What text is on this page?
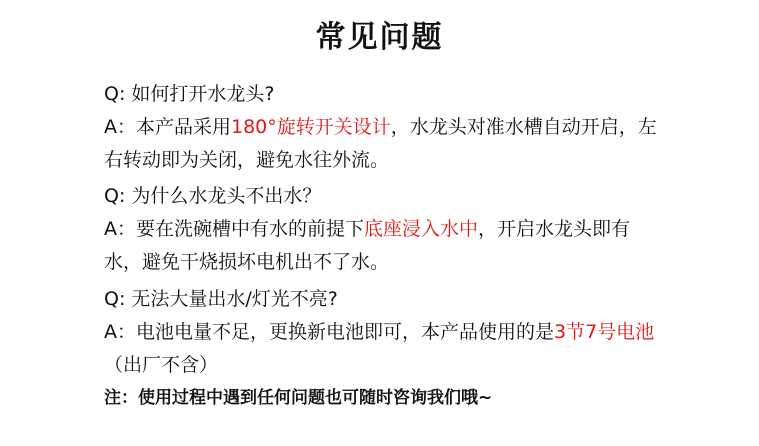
常见问题
Q: 如何打开水龙头?
A：本产品采用180°旋转开关设计，水龙头对准水槽自动开启，左右转动即为关闭，避免水往外流。
Q: 为什么水龙头不出水？
A：要在洗碗槽中有水的前提下底座浸入水中，开启水龙头即有水，避免干烧损坏电机出不了水。
Q: 无法大量出水/灯光不亮?
A：电池电量不足，更换新电池即可，本产品使用的是3节7号电池（出厂不含）
注：使用过程中遇到任何问题也可随时咨询我们哦~
